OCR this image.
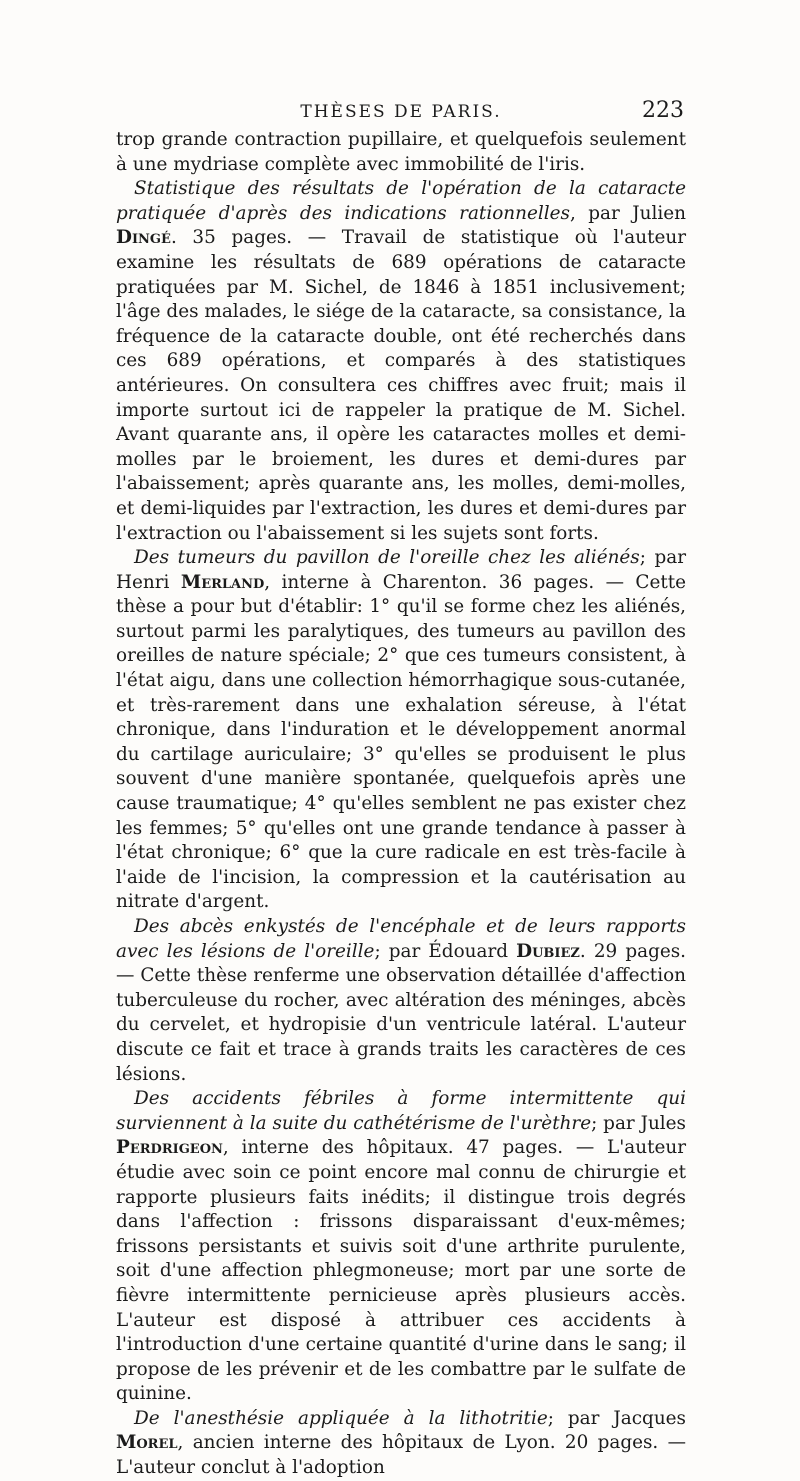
THÈSES DE PARIS.	223

trop grande contraction pupillaire, et quelquefois seulement à une mydriase complète avec immobilité de l'iris.

Statistique des résultats de l'opération de la cataracte pratiquée d'après des indications rationnelles, par Julien Dingé. 35 pages. — Travail de statistique où l'auteur examine les résultats de 689 opérations de cataracte pratiquées par M. Sichel, de 1846 à 1851 inclusivement; l'âge des malades, le siége de la cataracte, sa consistance, la fréquence de la cataracte double, ont été recherchés dans ces 689 opérations, et comparés à des statistiques antérieures. On consultera ces chiffres avec fruit; mais il importe surtout ici de rappeler la pratique de M. Sichel. Avant quarante ans, il opère les cataractes molles et demi-molles par le broiement, les dures et demi-dures par l'abaissement; après quarante ans, les molles, demi-molles, et demi-liquides par l'extraction, les dures et demi-dures par l'extraction ou l'abaissement si les sujets sont forts.

Des tumeurs du pavillon de l'oreille chez les aliénés; par Henri Merland, interne à Charenton. 36 pages. — Cette thèse a pour but d'établir: 1° qu'il se forme chez les aliénés, surtout parmi les paralytiques, des tumeurs au pavillon des oreilles de nature spéciale; 2° que ces tumeurs consistent, à l'état aigu, dans une collection hémorrhagique sous-cutanée, et très-rarement dans une exhalation séreuse, à l'état chronique, dans l'induration et le développement anormal du cartilage auriculaire; 3° qu'elles se produisent le plus souvent d'une manière spontanée, quelquefois après une cause traumatique; 4° qu'elles semblent ne pas exister chez les femmes; 5° qu'elles ont une grande tendance à passer à l'état chronique; 6° que la cure radicale en est très-facile à l'aide de l'incision, la compression et la cautérisation au nitrate d'argent.

Des abcès enkystés de l'encéphale et de leurs rapports avec les lésions de l'oreille; par Édouard Dubiez. 29 pages. — Cette thèse renferme une observation détaillée d'affection tuberculeuse du rocher, avec altération des méninges, abcès du cervelet, et hydropisie d'un ventricule latéral. L'auteur discute ce fait et trace à grands traits les caractères de ces lésions.

Des accidents fébriles à forme intermittente qui surviennent à la suite du cathétérisme de l'urèthre; par Jules Perdrigeon, interne des hôpitaux. 47 pages. — L'auteur étudie avec soin ce point encore mal connu de chirurgie et rapporte plusieurs faits inédits; il distingue trois degrés dans l'affection : frissons disparaissant d'eux-mêmes; frissons persistants et suivis soit d'une arthrite purulente, soit d'une affection phlegmoneuse; mort par une sorte de fièvre intermittente pernicieuse après plusieurs accès. L'auteur est disposé à attribuer ces accidents à l'introduction d'une certaine quantité d'urine dans le sang; il propose de les prévenir et de les combattre par le sulfate de quinine.

De l'anesthésie appliquée à la lithotritie; par Jacques Morel, ancien interne des hôpitaux de Lyon. 20 pages. — L'auteur conclut à l'adoption
